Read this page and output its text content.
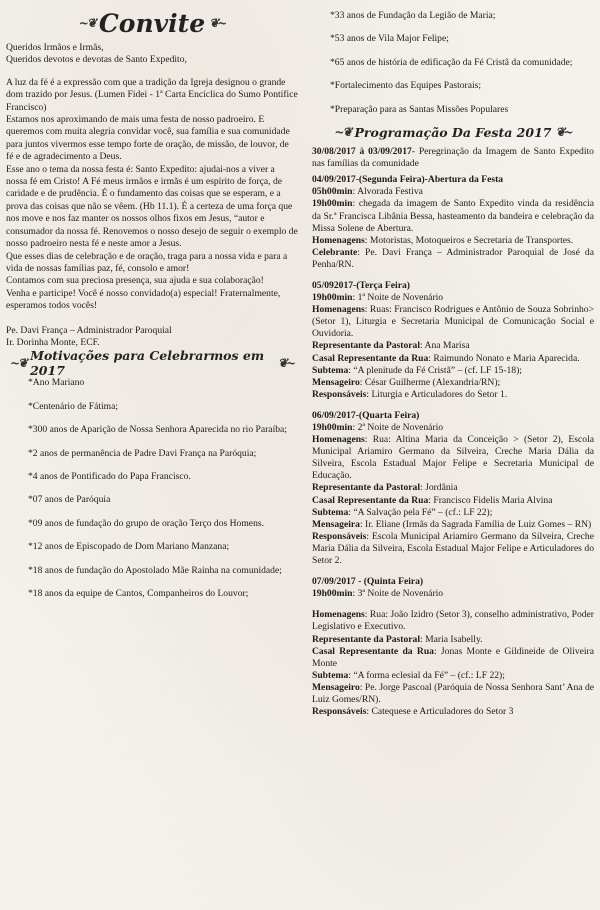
~❦ Convite ❦~

Queridos Irmãos e Irmãs,

Queridos devotos e devotas de Santo Expedito,

A luz da fé é a expressão com que a tradição da Igreja designou o grande dom trazido por Jesus. (Lumen Fidei - 1ª Carta Encíclica do Sumo Pontífice Francisco)

Estamos nos aproximando de mais uma festa de nosso padroeiro. E queremos com muita alegria convidar você, sua família e sua comunidade para juntos vivermos esse tempo forte de oração, de missão, de louvor, de fé e de agradecimento a Deus.

Esse ano o tema da nossa festa é: Santo Expedito: ajudai-nos a viver a nossa fé em Cristo! A Fé meus irmãos e irmãs é um espírito de força, de caridade e de prudência. É o fundamento das coisas que se esperam, e a prova das coisas que não se vêem. (Hb 11.1). É a certeza de uma força que nos move e nos faz manter os nossos olhos fixos em Jesus, “autor e consumador da nossa fé. Renovemos o nosso desejo de seguir o exemplo de nosso padroeiro nesta fé e neste amor a Jesus.

Que esses dias de celebração e de oração, traga para a nossa vida e para a vida de nossas famílias paz, fé, consolo e amor!

Contamos com sua preciosa presença, sua ajuda e sua colaboração!

Venha e participe! Você é nosso convidado(a) especial! Fraternalmente, esperamos todos vocês!

Pe. Davi França – Administrador Paroquial

Ir. Dorinha Monte, ECF.

~❦ Motivações para Celebrarmos em 2017	❦~

*Ano Mariano

*Centenário de Fátima;

*300 anos de Aparição de Nossa Senhora Aparecida no rio Paraíba;

*2 anos de permanência de Padre Davi França na Paróquia;

*4 anos de Pontificado do Papa Francisco.

*07 anos de Paróquia

*09 anos de fundação do grupo de oração Terço dos Homens.

*12 anos de Episcopado de Dom Mariano Manzana;

*18 anos de fundação do Apostolado Mãe Rainha na comunidade;

*18 anos da equipe de Cantos, Companheiros do Louvor;

*33 anos de Fundação da Legião de Maria;

*53 anos de Vila Major Felipe;

*65 anos de história de edificação da Fé Cristã da comunidade;

*Fortalecimento das Equipes Pastorais;

*Preparação para as Santas Missões Populares

~❦ Programação Da Festa 2017 ❦~

30/08/2017 à 03/09/2017- Peregrinação da Imagem de Santo Expedito nas famílias da comunidade

04/09/2017-(Segunda Feira)-Abertura da Festa

05h00min: Alvorada Festiva

19h00min: chegada da imagem de Santo Expedito vinda da residência da Sr.ª Francisca Libânia Bessa, hasteamento da bandeira e celebração da Missa Solene de Abertura.

Homenagens: Motoristas, Motoqueiros e Secretaria de Transportes.

Celebrante: Pe. Davi França – Administrador Paroquial de José da Penha/RN.

05/092017-(Terça Feira)

19h00min: 1ª Noite de Novenário

Homenagens: Ruas: Francisco Rodrigues e Antônio de Souza Sobrinho> (Setor 1), Liturgia e Secretaria Municipal de Comunicação Social e Ouvidoria.

Representante da Pastoral: Ana Marisa

Casal Representante da Rua: Raimundo Nonato e Maria Aparecida.

Subtema: “A plenitude da Fé Cristã” – (cf. LF 15-18);

Mensageiro: César Guilherme (Alexandria/RN);

Responsáveis: Liturgia e Articuladores do Setor 1.

06/09/2017-(Quarta Feira)

19h00min: 2ª Noite de Novenário

Homenagens: Rua: Altina Maria da Conceição > (Setor 2), Escola Municipal Ariamiro Germano da Silveira, Creche Maria Dália da Silveira, Escola Estadual Major Felipe e Secretaria Municipal de Educação.

Representante da Pastoral: Jordânia

Casal Representante da Rua: Francisco Fidelis Maria Alvina

Subtema: “A Salvação pela Fé” – (cf.: LF 22);

Mensageira: Ir. Eliane (Irmãs da Sagrada Família de Luiz Gomes – RN)

Responsáveis: Escola Municipal Ariamiro Germano da Silveira, Creche Maria Dália da Silveira, Escola Estadual Major Felipe e Articuladores do Setor 2.

07/09/2017 - (Quinta Feira)

19h00min: 3ª Noite de Novenário

Homenagens: Rua: João Izidro (Setor 3), conselho administrativo, Poder Legislativo e Executivo.

Representante da Pastoral: Maria Isabelly.

Casal Representante da Rua: Jonas Monte e Gildineide de Oliveira Monte

Subtema: “A forma eclesial da Fé” – (cf.: LF 22);

Mensageiro: Pe. Jorge Pascoal (Paróquia de Nossa Senhora Sant’ Ana de Luiz Gomes/RN).

Responsáveis: Catequese e Articuladores do Setor 3
